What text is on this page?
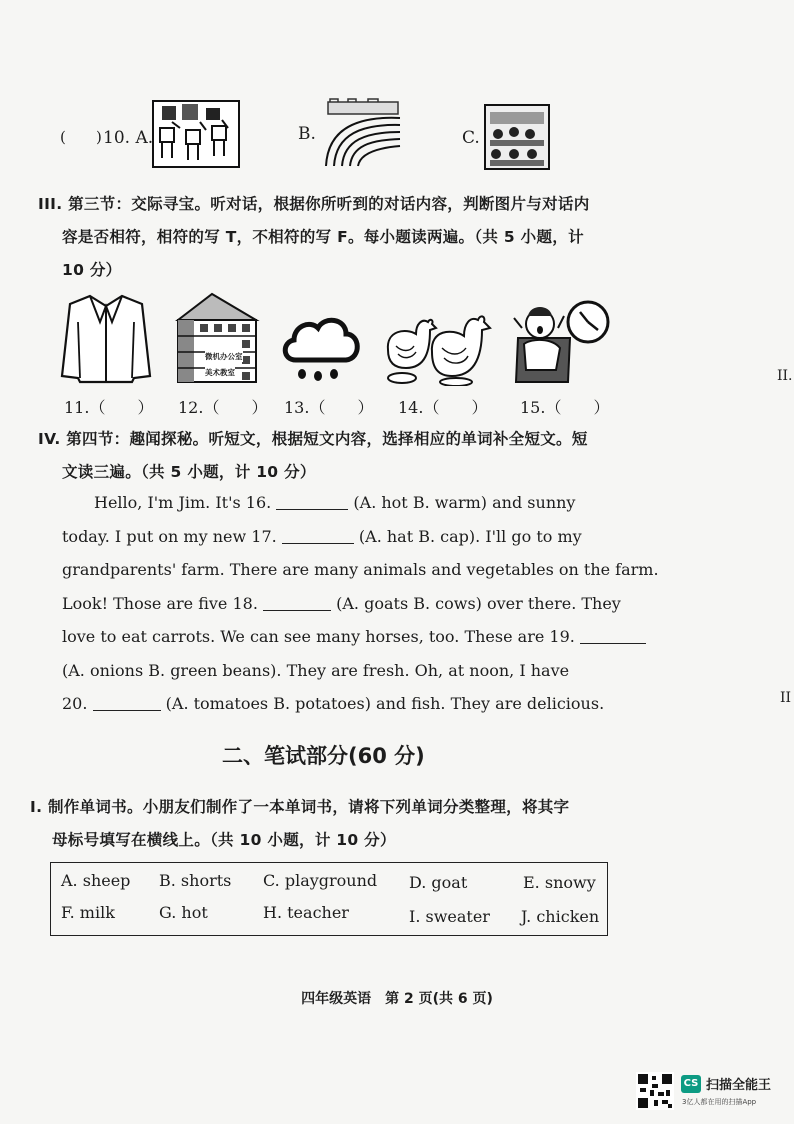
( ) 10. A.	B.	C.
III. 第三节：交际寻宝。听对话，根据你所听到的对话内容，判断图片与对话内
容是否相符，相符的写 T，不相符的写 F。每小题读两遍。（共 5 小题，计
10 分）
微机办公室
美术教室
11.（　　） 12.（　　） 13.（　　） 14.（　　） 15.（　　）
IV. 第四节：趣闻探秘。听短文，根据短文内容，选择相应的单词补全短文。短
文读三遍。（共 5 小题，计 10 分）
Hello, I'm Jim. It's 16.	(A. hot B. warm) and sunny
today. I put on my new 17.	(A. hat B. cap). I'll go to my
grandparents' farm. There are many animals and vegetables on the farm.
Look! Those are five 18.	(A. goats B. cows) over there. They
love to eat carrots. We can see many horses, too. These are 19.
(A. onions B. green beans). They are fresh. Oh, at noon, I have
20.	(A. tomatoes B. potatoes) and fish. They are delicious.
二、笔试部分(60 分)
I. 制作单词书。小朋友们制作了一本单词书，请将下列单词分类整理，将其字
母标号填写在横线上。（共 10 小题，计 10 分）
A. sheep B. shorts C. playground D. goat	E. snowy
F. milk	G. hot	H. teacher	I. sweater J. chicken
四年级英语　第 2 页(共 6 页)
II.
II
CS 扫描全能王
3亿人都在用的扫描App
